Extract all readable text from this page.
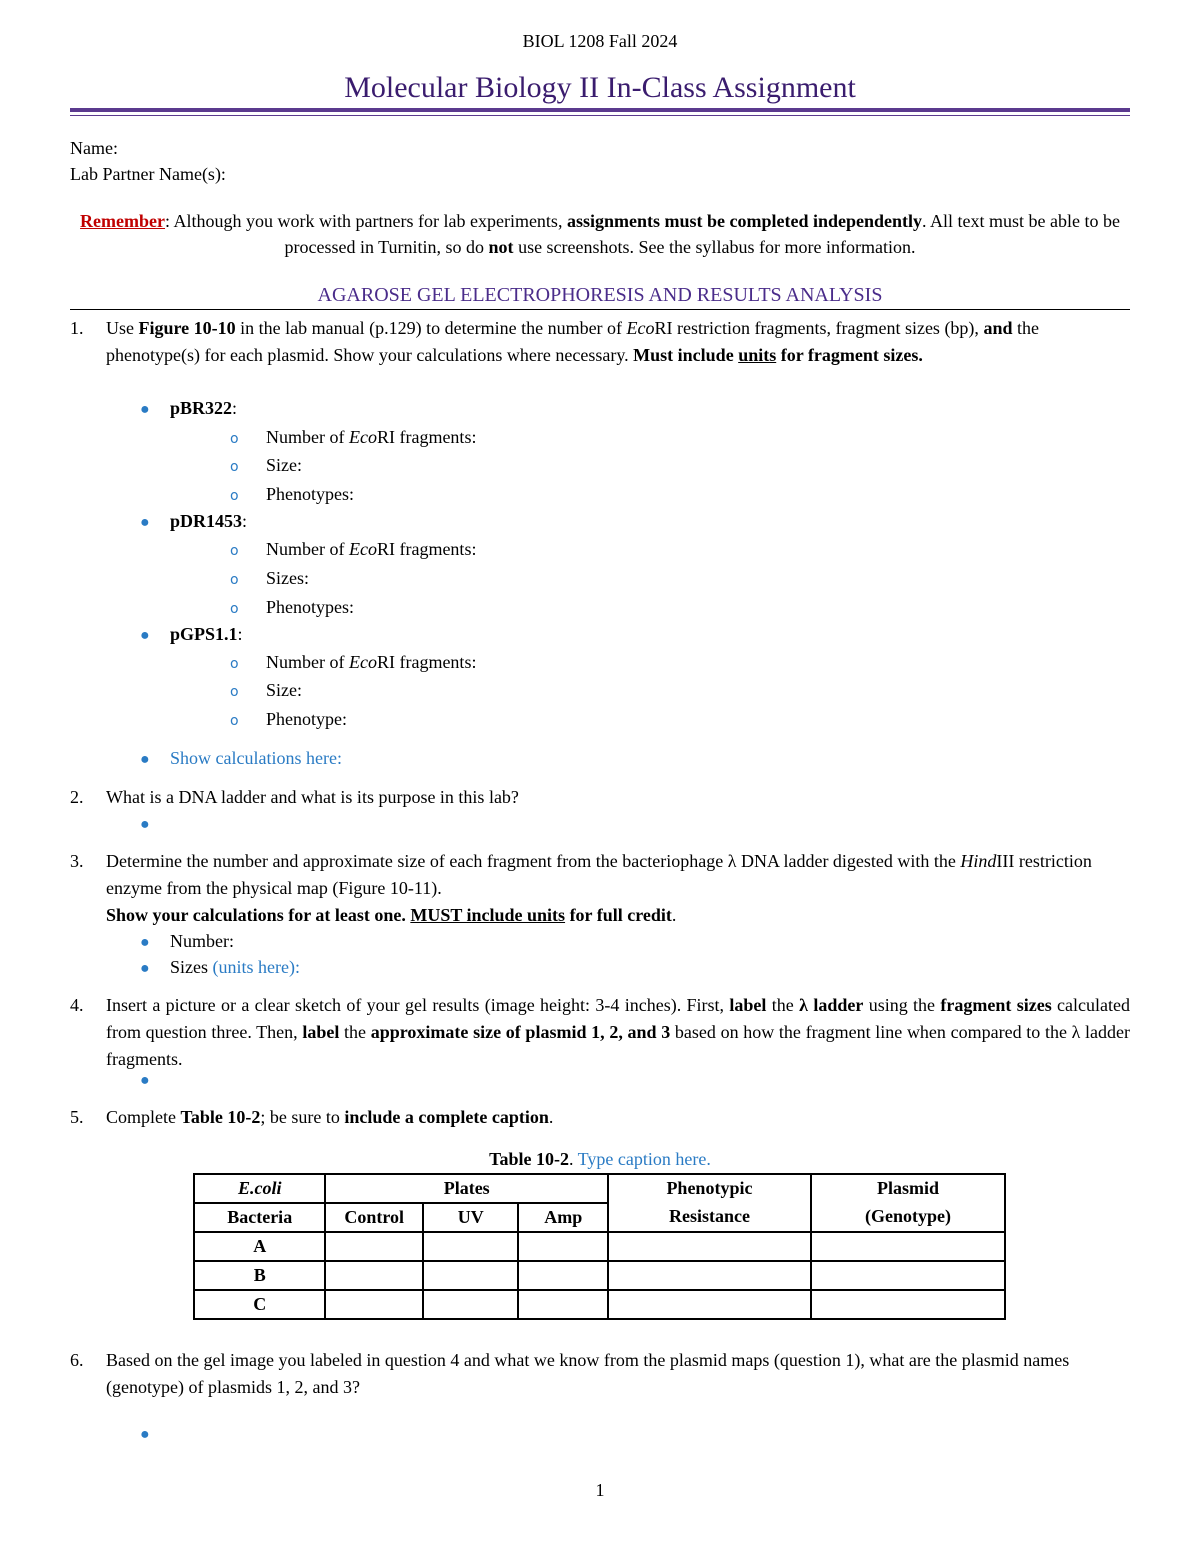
BIOL 1208 Fall 2024
Molecular Biology II In-Class Assignment
Name:
Lab Partner Name(s):
Remember: Although you work with partners for lab experiments, assignments must be completed independently. All text must be able to be processed in Turnitin, so do not use screenshots. See the syllabus for more information.
AGAROSE GEL ELECTROPHORESIS AND RESULTS ANALYSIS
1. Use Figure 10-10 in the lab manual (p.129) to determine the number of EcoRI restriction fragments, fragment sizes (bp), and the phenotype(s) for each plasmid. Show your calculations where necessary. Must include units for fragment sizes.
● pBR322:
o Number of EcoRI fragments:
o Size:
o Phenotypes:
● pDR1453:
o Number of EcoRI fragments:
o Sizes:
o Phenotypes:
● pGPS1.1:
o Number of EcoRI fragments:
o Size:
o Phenotype:
● Show calculations here:
2. What is a DNA ladder and what is its purpose in this lab?
●
3. Determine the number and approximate size of each fragment from the bacteriophage λ DNA ladder digested with the HindIII restriction enzyme from the physical map (Figure 10-11).
Show your calculations for at least one. MUST include units for full credit.
● Number:
● Sizes (units here):
4. Insert a picture or a clear sketch of your gel results (image height: 3-4 inches). First, label the λ ladder using the fragment sizes calculated from question three. Then, label the approximate size of plasmid 1, 2, and 3 based on how the fragment line when compared to the λ ladder fragments.
●
5. Complete Table 10-2; be sure to include a complete caption.
Table 10-2. Type caption here.
E.coli	Plates			Phenotypic	Plasmid
Bacteria	Control	UV	Amp	Resistance	(Genotype)
A					
B					
C					
6. Based on the gel image you labeled in question 4 and what we know from the plasmid maps (question 1), what are the plasmid names (genotype) of plasmids 1, 2, and 3?
●
1
